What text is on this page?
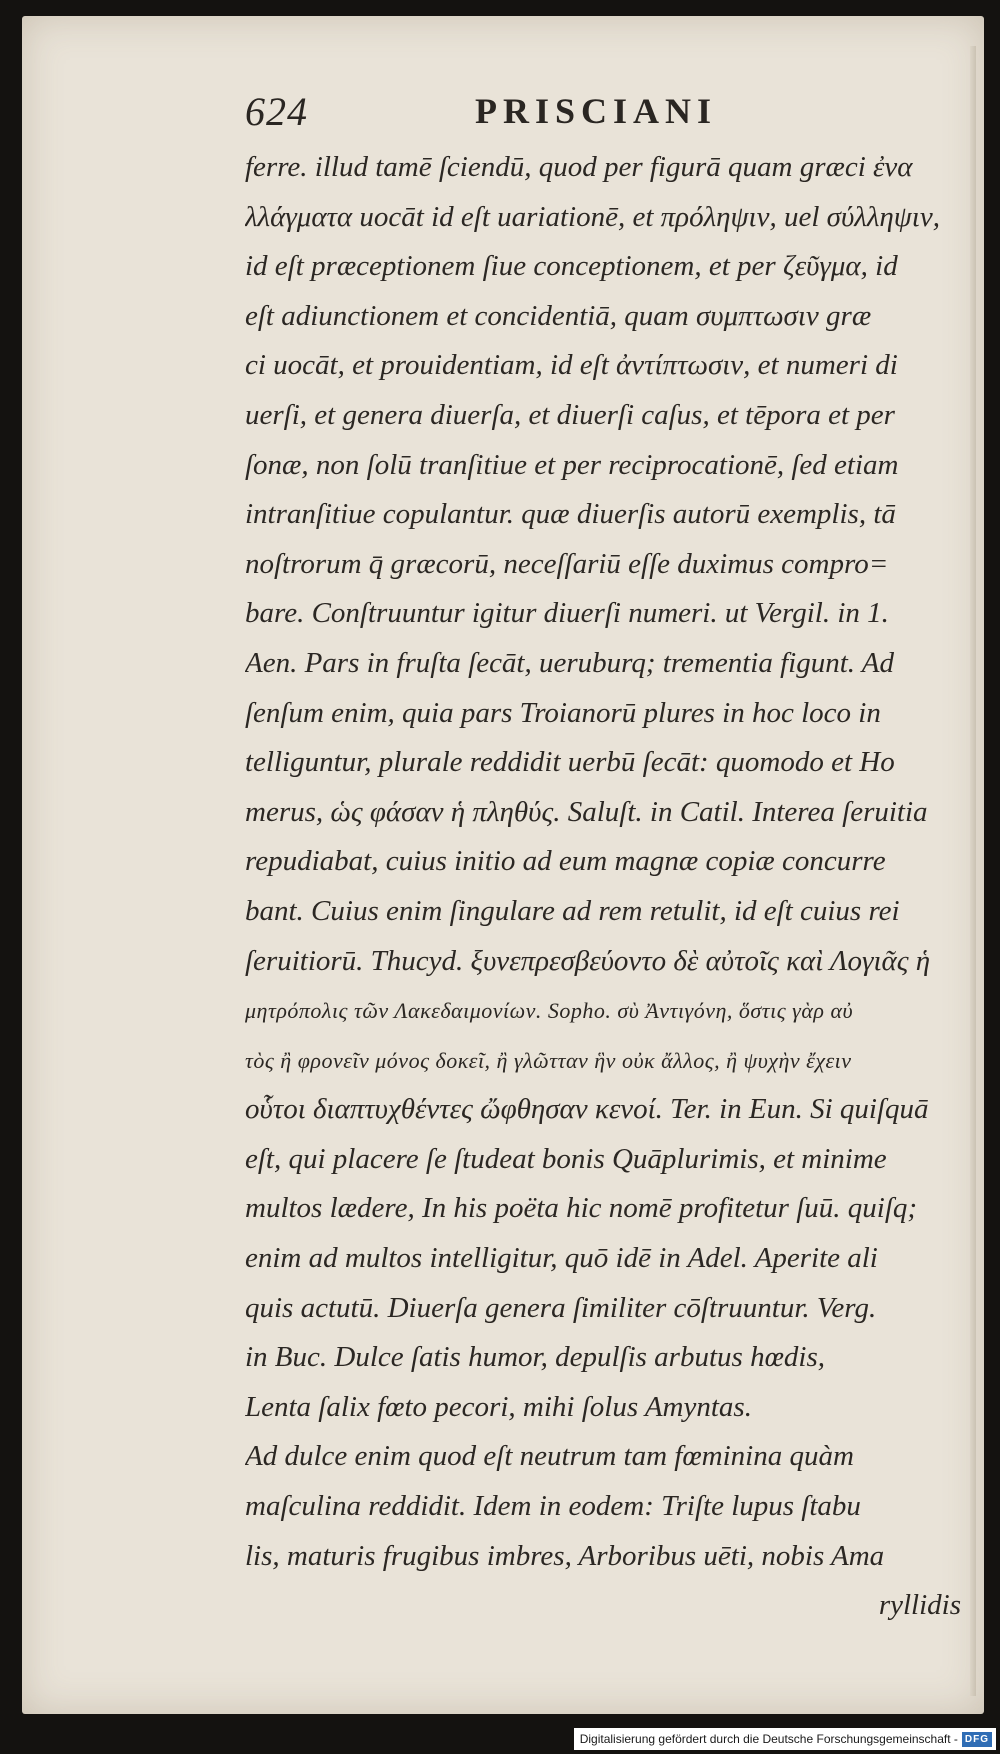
624	PRISCIANI
ferre. illud tamē ſciendū, quod per figurā quam græci ἐνα
λλάγματα uocāt id eſt uariationē, et πρόληψιν, uel σύλληψιν,
id eſt præceptionem ſiue conceptionem, et per ζεῦγμα, id
eſt adiunctionem et concidentiā, quam συμπτωσιν græ
ci uocāt, et prouidentiam, id eſt ἀντίπτωσιν, et numeri di
uerſi, et genera diuerſa, et diuerſi caſus, et tēpora et per
ſonæ, non ſolū tranſitiue et per reciprocationē, ſed etiam
intranſitiue copulantur. quæ diuerſis autorū exemplis, tā
noſtrorum q̄ græcorū, neceſſariū eſſe duximus compro=
bare. Conſtruuntur igitur diuerſi numeri. ut Vergil. in 1.
Aen. Pars in fruſta ſecāt, ueruburq; trementia figunt. Ad
ſenſum enim, quia pars Troianorū plures in hoc loco in
telliguntur, plurale reddidit uerbū ſecāt: quomodo et Ho
merus, ὡς φάσαν ἡ πληθύς. Saluſt. in Catil. Interea ſeruitia
repudiabat, cuius initio ad eum magnæ copiæ concurre
bant. Cuius enim ſingulare ad rem retulit, id eſt cuius rei
ſeruitiorū. Thucyd. ξυνεπρεσβεύοντο δὲ αὐτοῖς καὶ Λογιᾶς ἡ
μητρόπολις τῶν Λακεδαιμονίων. Sopho. σὺ Ἀντιγόνη, ὅστις γὰρ αὐ
τὸς ἢ φρονεῖν μόνος δοκεῖ, ἢ γλῶτταν ἣν οὐκ ἄλλος, ἢ ψυχὴν ἔχειν
οὗτοι διαπτυχθέντες ὤφθησαν κενοί. Ter. in Eun. Si quiſquā
eſt, qui placere ſe ſtudeat bonis Quāplurimis, et minime
multos lædere, In his poëta hic nomē profitetur ſuū. quiſq;
enim ad multos intelligitur, quō idē in Adel. Aperite ali
quis actutū. Diuerſa genera ſimiliter cōſtruuntur. Verg.
in Buc. Dulce ſatis humor, depulſis arbutus hœdis,
Lenta ſalix fœto pecori, mihi ſolus Amyntas.
Ad dulce enim quod eſt neutrum tam fœminina quàm
maſculina reddidit. Idem in eodem: Triſte lupus ſtabu
lis, maturis frugibus imbres, Arboribus uēti, nobis Ama
ryllidis
Digitalisierung gefördert durch die Deutsche Forschungsgemeinschaft - DFG
